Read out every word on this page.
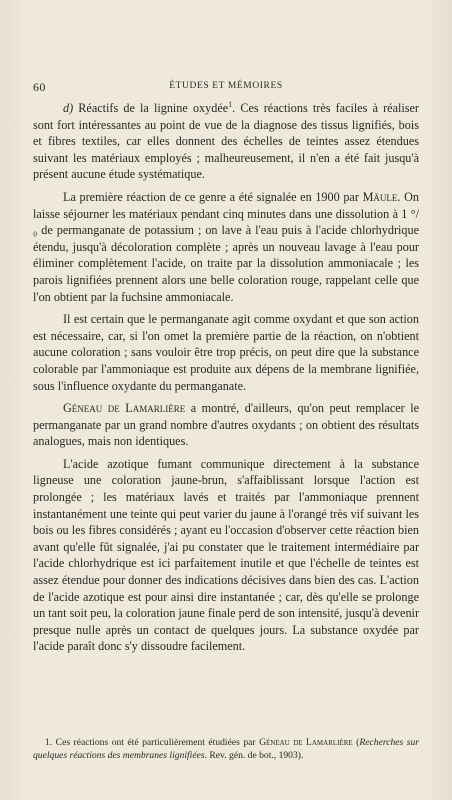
60	ÉTUDES ET MÉMOIRES

d) Réactifs de la lignine oxydée$^1$. Ces réactions très faciles à réaliser sont fort intéressantes au point de vue de la diagnose des tissus lignifiés, bois et fibres textiles, car elles donnent des échelles de teintes assez étendues suivant les matériaux employés ; malheureusement, il n'en a été fait jusqu'à présent aucune étude systématique.

La première réaction de ce genre a été signalée en 1900 par Mäule. On laisse séjourner les matériaux pendant cinq minutes dans une dissolution à 1 °/₀ de permanganate de potassium ; on lave à l'eau puis à l'acide chlorhydrique étendu, jusqu'à décoloration complète ; après un nouveau lavage à l'eau pour éliminer complètement l'acide, on traite par la dissolution ammoniacale ; les parois lignifiées prennent alors une belle coloration rouge, rappelant celle que l'on obtient par la fuchsine ammoniacale.

Il est certain que le permanganate agit comme oxydant et que son action est nécessaire, car, si l'on omet la première partie de la réaction, on n'obtient aucune coloration ; sans vouloir être trop précis, on peut dire que la substance colorable par l'ammoniaque est produite aux dépens de la membrane lignifiée, sous l'influence oxydante du permanganate.

Géneau de Lamarlière a montré, d'ailleurs, qu'on peut remplacer le permanganate par un grand nombre d'autres oxydants ; on obtient des résultats analogues, mais non identiques.

L'acide azotique fumant communique directement à la substance ligneuse une coloration jaune-brun, s'affaiblissant lorsque l'action est prolongée ; les matériaux lavés et traités par l'ammoniaque prennent instantanément une teinte qui peut varier du jaune à l'orangé très vif suivant les bois ou les fibres considérés ; ayant eu l'occasion d'observer cette réaction bien avant qu'elle fût signalée, j'ai pu constater que le traitement intermédiaire par l'acide chlorhydrique est ici parfaitement inutile et que l'échelle de teintes est assez étendue pour donner des indications décisives dans bien des cas. L'action de l'acide azotique est pour ainsi dire instantanée ; car, dès qu'elle se prolonge un tant soit peu, la coloration jaune finale perd de son intensité, jusqu'à devenir presque nulle après un contact de quelques jours. La substance oxydée par l'acide paraît donc s'y dissoudre facilement.

1. Ces réactions ont été particulièrement étudiées par Géneau de Lamarlière (Recherches sur quelques réactions des membranes lignifiées. Rev. gén. de bot., 1903).
